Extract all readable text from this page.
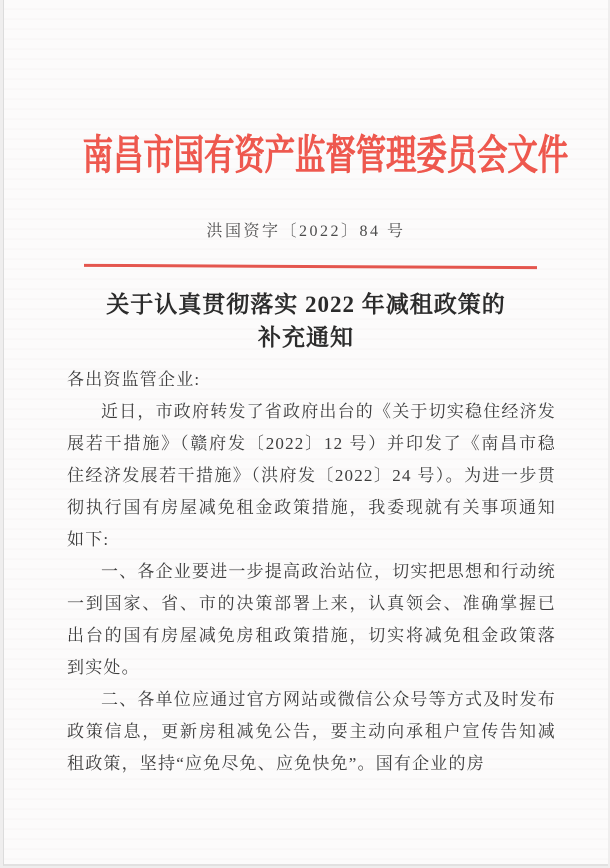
南昌市国有资产监督管理委员会文件
洪国资字〔2022〕84 号
关于认真贯彻落实 2022 年减租政策的
补充通知

各出资监管企业:

近日，市政府转发了省政府出台的《关于切实稳住经济发展若干措施》（赣府发〔2022〕12 号）并印发了《南昌市稳住经济发展若干措施》（洪府发〔2022〕24 号）。为进一步贯彻执行国有房屋减免租金政策措施，我委现就有关事项通知如下:

一、各企业要进一步提高政治站位，切实把思想和行动统一到国家、省、市的决策部署上来，认真领会、准确掌握已出台的国有房屋减免房租政策措施，切实将减免租金政策落到实处。

二、各单位应通过官方网站或微信公众号等方式及时发布政策信息，更新房租减免公告，要主动向承租户宣传告知减租政策，坚持“应免尽免、应免快免”。国有企业的房
